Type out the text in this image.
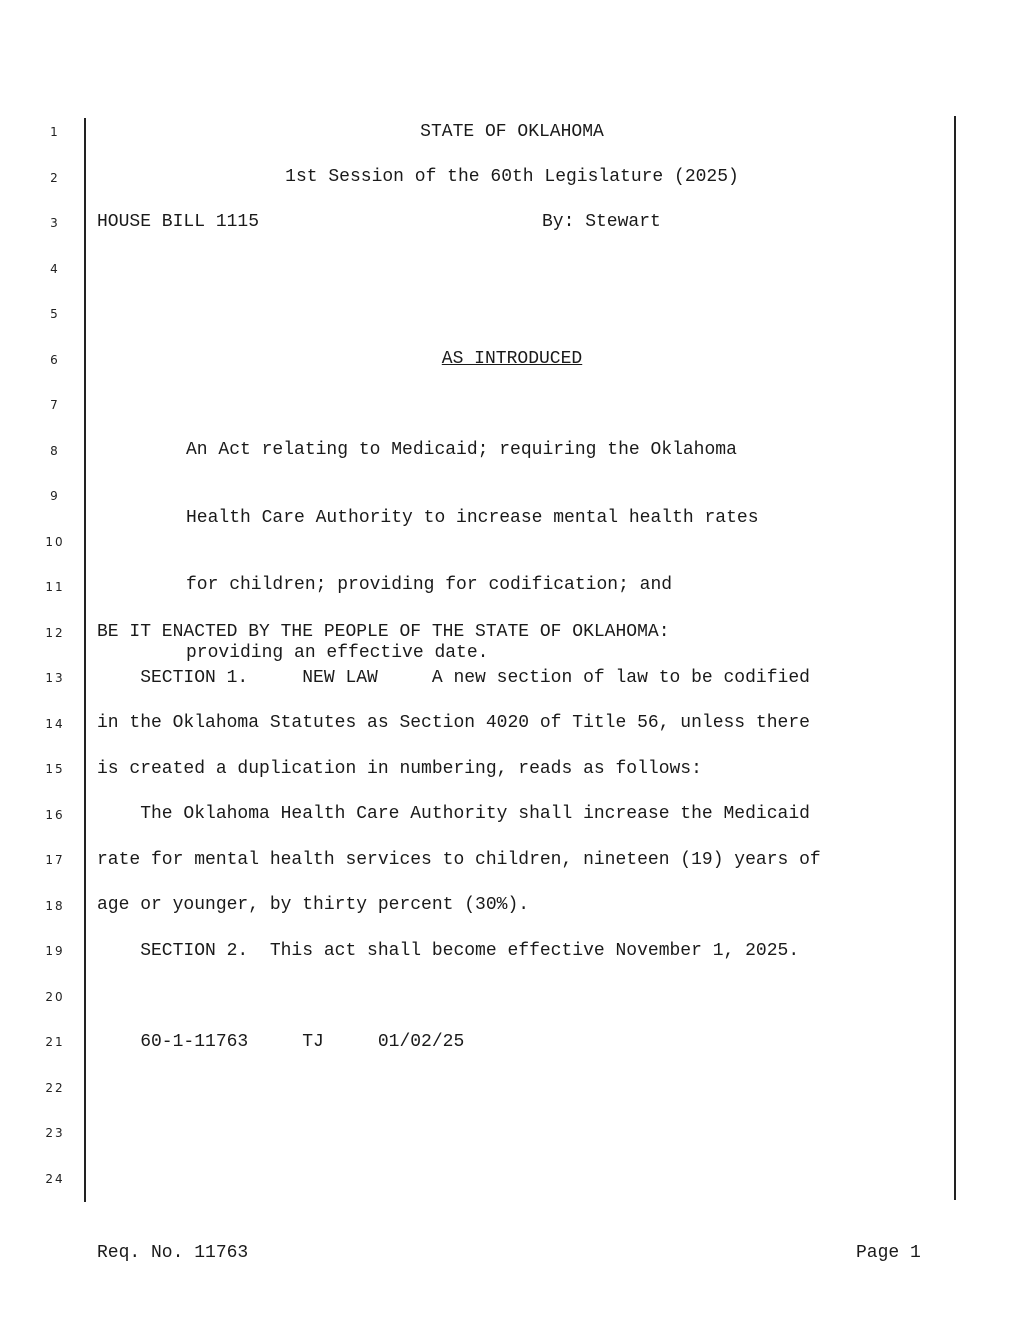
1
2
3
4
5
6
7
8
9
10
11
12
13
14
15
16
17
18
19
20
21
22
23
24
STATE OF OKLAHOMA
1st Session of the 60th Legislature (2025)
HOUSE BILL 1115	By: Stewart
AS INTRODUCED

An Act relating to Medicaid; requiring the Oklahoma

Health Care Authority to increase mental health rates

for children; providing for codification; and

providing an effective date.

BE IT ENACTED BY THE PEOPLE OF THE STATE OF OKLAHOMA:
SECTION 1.     NEW LAW     A new section of law to be codified
in the Oklahoma Statutes as Section 4020 of Title 56, unless there
is created a duplication in numbering, reads as follows:
The Oklahoma Health Care Authority shall increase the Medicaid
rate for mental health services to children, nineteen (19) years of
age or younger, by thirty percent (30%).
SECTION 2.  This act shall become effective November 1, 2025.
60-1-11763     TJ     01/02/25
Req. No. 11763	Page 1
